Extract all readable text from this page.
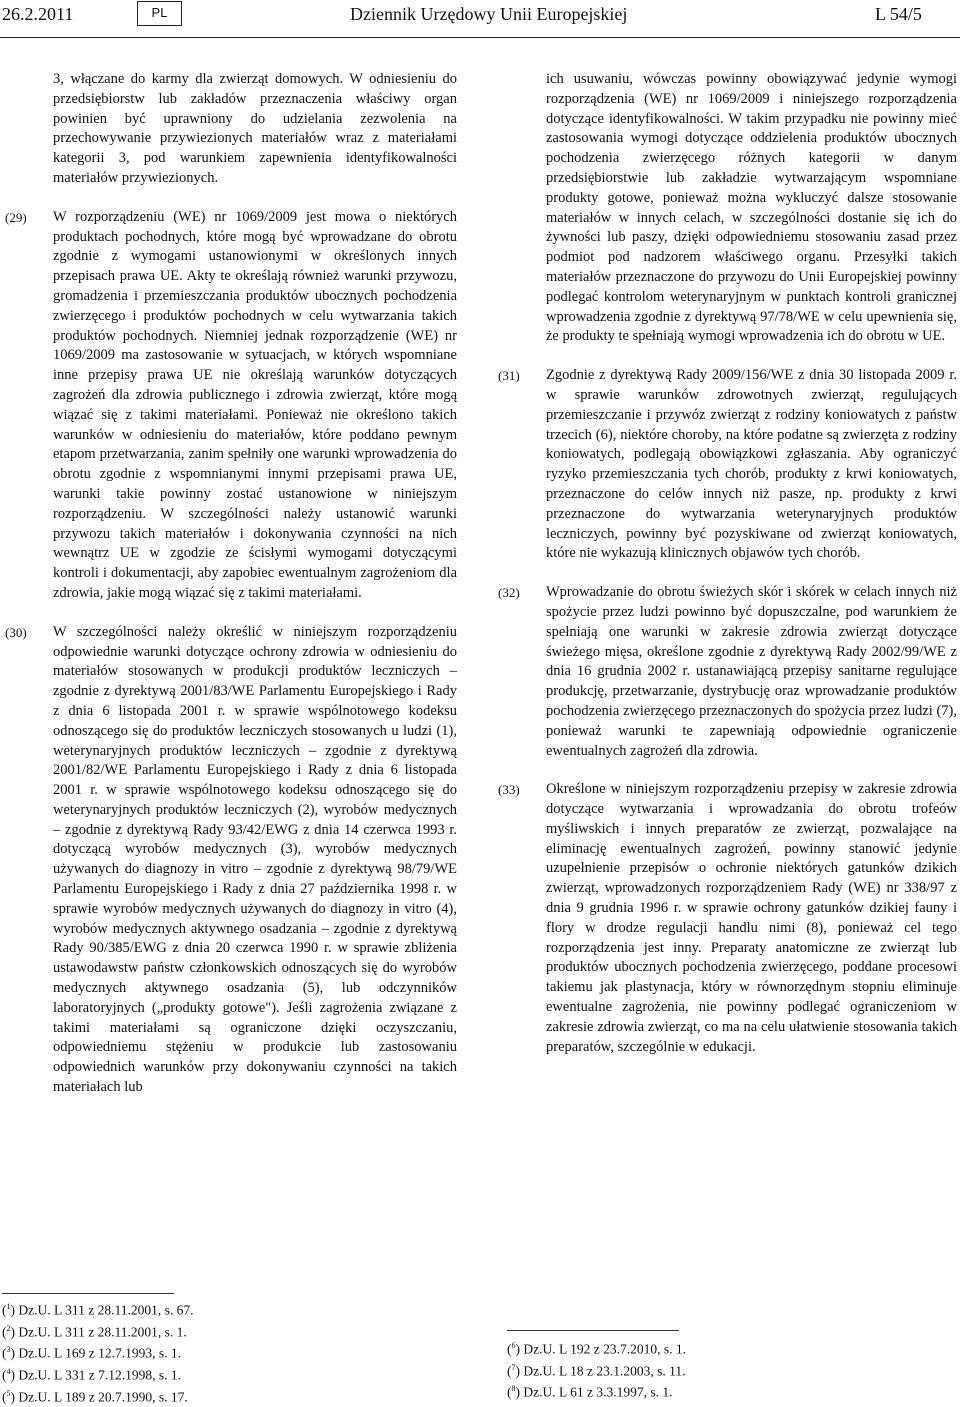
26.2.2011	PL	Dziennik Urzędowy Unii Europejskiej	L 54/5

3, włączane do karmy dla zwierząt domowych. W odniesieniu do przedsiębiorstw lub zakładów przeznaczenia właściwy organ powinien być uprawniony do udzielania zezwolenia na przechowywanie przywiezionych materiałów wraz z materiałami kategorii 3, pod warunkiem zapewnienia identyfikowalności materiałów przywiezionych.

(29) W rozporządzeniu (WE) nr 1069/2009 jest mowa o niektórych produktach pochodnych, które mogą być wprowadzane do obrotu zgodnie z wymogami ustanowionymi w określonych innych przepisach prawa UE. Akty te określają również warunki przywozu, gromadzenia i przemieszczania produktów ubocznych pochodzenia zwierzęcego i produktów pochodnych w celu wytwarzania takich produktów pochodnych. Niemniej jednak rozporządzenie (WE) nr 1069/2009 ma zastosowanie w sytuacjach, w których wspomniane inne przepisy prawa UE nie określają warunków dotyczących zagrożeń dla zdrowia publicznego i zdrowia zwierząt, które mogą wiązać się z takimi materiałami. Ponieważ nie określono takich warunków w odniesieniu do materiałów, które poddano pewnym etapom przetwarzania, zanim spełniły one warunki wprowadzenia do obrotu zgodnie z wspomnianymi innymi przepisami prawa UE, warunki takie powinny zostać ustanowione w niniejszym rozporządzeniu. W szczególności należy ustanowić warunki przywozu takich materiałów i dokonywania czynności na nich wewnątrz UE w zgodzie ze ścisłymi wymogami dotyczącymi kontroli i dokumentacji, aby zapobiec ewentualnym zagrożeniom dla zdrowia, jakie mogą wiązać się z takimi materiałami.

(30) W szczególności należy określić w niniejszym rozporządzeniu odpowiednie warunki dotyczące ochrony zdrowia w odniesieniu do materiałów stosowanych w produkcji produktów leczniczych – zgodnie z dyrektywą 2001/83/WE Parlamentu Europejskiego i Rady z dnia 6 listopada 2001 r. w sprawie wspólnotowego kodeksu odnoszącego się do produktów leczniczych stosowanych u ludzi (1), weterynaryjnych produktów leczniczych – zgodnie z dyrektywą 2001/82/WE Parlamentu Europejskiego i Rady z dnia 6 listopada 2001 r. w sprawie wspólnotowego kodeksu odnoszącego się do weterynaryjnych produktów leczniczych (2), wyrobów medycznych – zgodnie z dyrektywą Rady 93/42/EWG z dnia 14 czerwca 1993 r. dotyczącą wyrobów medycznych (3), wyrobów medycznych używanych do diagnozy in vitro – zgodnie z dyrektywą 98/79/WE Parlamentu Europejskiego i Rady z dnia 27 października 1998 r. w sprawie wyrobów medycznych używanych do diagnozy in vitro (4), wyrobów medycznych aktywnego osadzania – zgodnie z dyrektywą Rady 90/385/EWG z dnia 20 czerwca 1990 r. w sprawie zbliżenia ustawodawstw państw członkowskich odnoszących się do wyrobów medycznych aktywnego osadzania (5), lub odczynników laboratoryjnych („produkty gotowe"). Jeśli zagrożenia związane z takimi materiałami są ograniczone dzięki oczyszczaniu, odpowiedniemu stężeniu w produkcie lub zastosowaniu odpowiednich warunków przy dokonywaniu czynności na takich materiałach lub

ich usuwaniu, wówczas powinny obowiązywać jedynie wymogi rozporządzenia (WE) nr 1069/2009 i niniejszego rozporządzenia dotyczące identyfikowalności. W takim przypadku nie powinny mieć zastosowania wymogi dotyczące oddzielenia produktów ubocznych pochodzenia zwierzęcego różnych kategorii w danym przedsiębiorstwie lub zakładzie wytwarzającym wspomniane produkty gotowe, ponieważ można wykluczyć dalsze stosowanie materiałów w innych celach, w szczególności dostanie się ich do żywności lub paszy, dzięki odpowiedniemu stosowaniu zasad przez podmiot pod nadzorem właściwego organu. Przesyłki takich materiałów przeznaczone do przywozu do Unii Europejskiej powinny podlegać kontrolom weterynaryjnym w punktach kontroli granicznej wprowadzenia zgodnie z dyrektywą 97/78/WE w celu upewnienia się, że produkty te spełniają wymogi wprowadzenia ich do obrotu w UE.

(31) Zgodnie z dyrektywą Rady 2009/156/WE z dnia 30 listopada 2009 r. w sprawie warunków zdrowotnych zwierząt, regulujących przemieszczanie i przywóz zwierząt z rodziny koniowatych z państw trzecich (6), niektóre choroby, na które podatne są zwierzęta z rodziny koniowatych, podlegają obowiązkowi zgłaszania. Aby ograniczyć ryzyko przemieszczania tych chorób, produkty z krwi koniowatych, przeznaczone do celów innych niż pasze, np. produkty z krwi przeznaczone do wytwarzania weterynaryjnych produktów leczniczych, powinny być pozyskiwane od zwierząt koniowatych, które nie wykazują klinicznych objawów tych chorób.

(32) Wprowadzanie do obrotu świeżych skór i skórek w celach innych niż spożycie przez ludzi powinno być dopuszczalne, pod warunkiem że spełniają one warunki w zakresie zdrowia zwierząt dotyczące świeżego mięsa, określone zgodnie z dyrektywą Rady 2002/99/WE z dnia 16 grudnia 2002 r. ustanawiającą przepisy sanitarne regulujące produkcję, przetwarzanie, dystrybucję oraz wprowadzanie produktów pochodzenia zwierzęcego przeznaczonych do spożycia przez ludzi (7), ponieważ warunki te zapewniają odpowiednie ograniczenie ewentualnych zagrożeń dla zdrowia.

(33) Określone w niniejszym rozporządzeniu przepisy w zakresie zdrowia dotyczące wytwarzania i wprowadzania do obrotu trofeów myśliwskich i innych preparatów ze zwierząt, pozwalające na eliminację ewentualnych zagrożeń, powinny stanowić jedynie uzupełnienie przepisów o ochronie niektórych gatunków dzikich zwierząt, wprowadzonych rozporządzeniem Rady (WE) nr 338/97 z dnia 9 grudnia 1996 r. w sprawie ochrony gatunków dzikiej fauny i flory w drodze regulacji handlu nimi (8), ponieważ cel tego rozporządzenia jest inny. Preparaty anatomiczne ze zwierząt lub produktów ubocznych pochodzenia zwierzęcego, poddane procesowi takiemu jak plastynacja, który w równorzędnym stopniu eliminuje ewentualne zagrożenia, nie powinny podlegać ograniczeniom w zakresie zdrowia zwierząt, co ma na celu ułatwienie stosowania takich preparatów, szczególnie w edukacji.

($^1$) Dz.U. L 311 z 28.11.2001, s. 67.
($^2$) Dz.U. L 311 z 28.11.2001, s. 1.
($^3$) Dz.U. L 169 z 12.7.1993, s. 1.
($^4$) Dz.U. L 331 z 7.12.1998, s. 1.
($^5$) Dz.U. L 189 z 20.7.1990, s. 17.
($^6$) Dz.U. L 192 z 23.7.2010, s. 1.
($^7$) Dz.U. L 18 z 23.1.2003, s. 11.
($^8$) Dz.U. L 61 z 3.3.1997, s. 1.
